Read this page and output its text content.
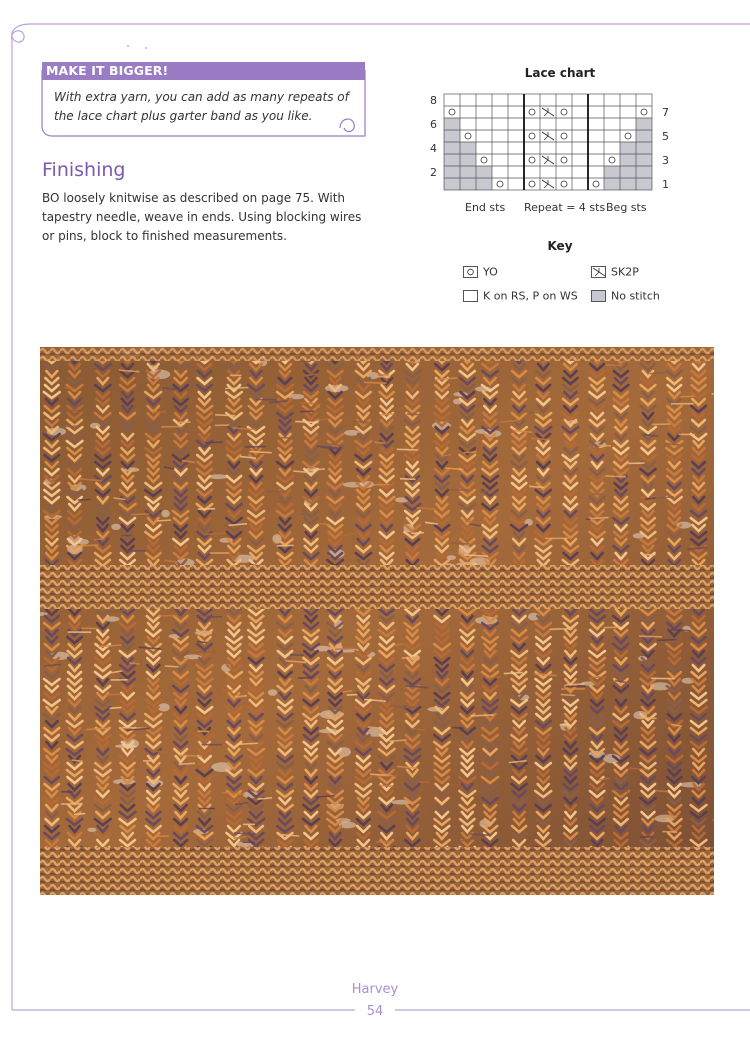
MAKE IT BIGGER!
With extra yarn, you can add as many repeats of the lace chart plus garter band as you like.
Finishing
BO loosely knitwise as described on page 75. With tapestry needle, weave in ends. Using blocking wires or pins, block to finished measurements.
Lace chart
8
6
4
2
7
5
3
1
End sts Repeat = 4 sts Beg sts
Key
YO	SK2P
K on RS, P on WS	No stitch
Harvey
54
